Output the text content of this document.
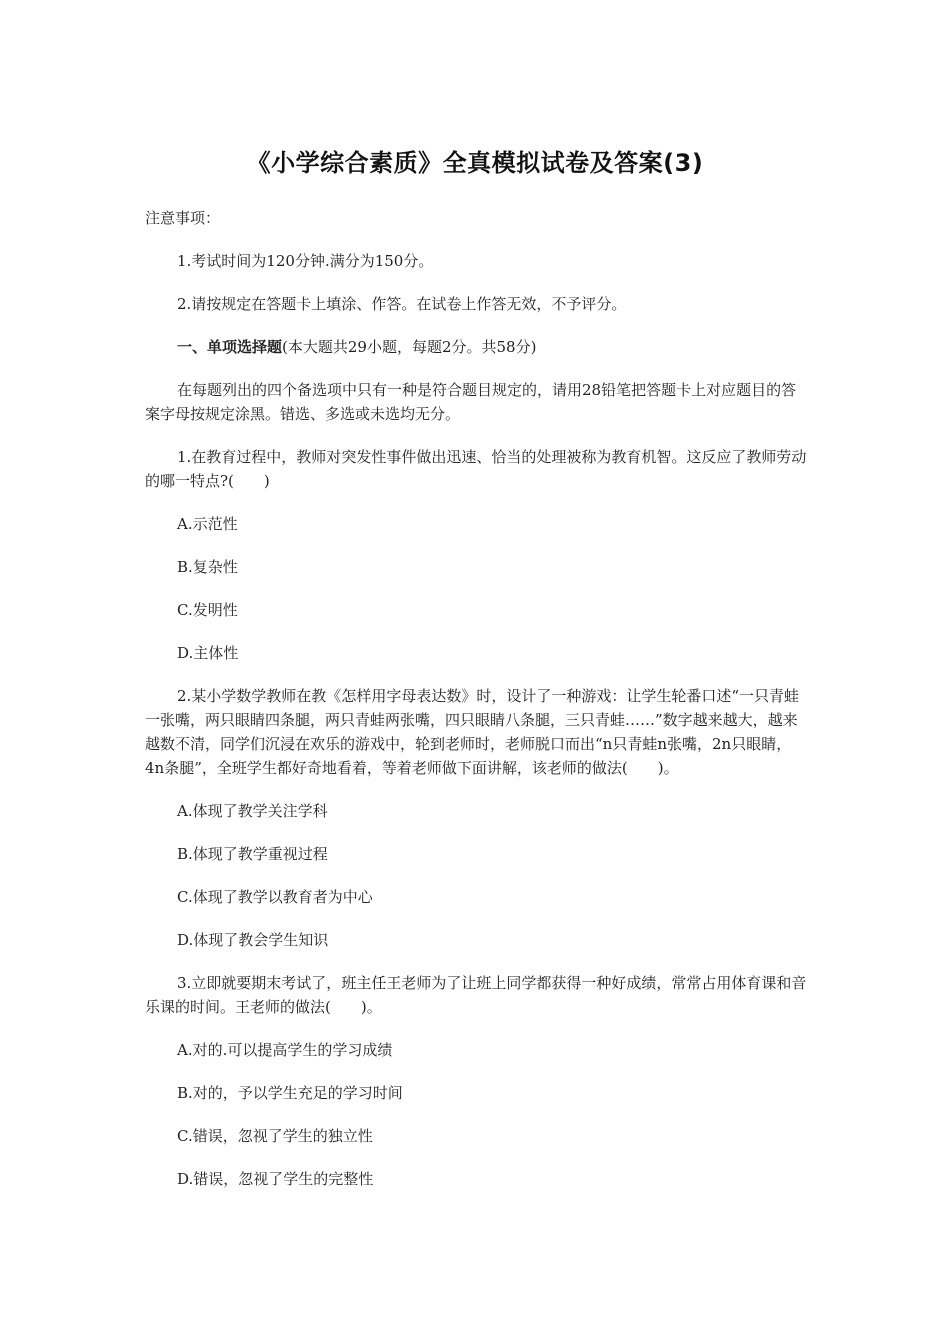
《小学综合素质》全真模拟试卷及答案(3)

注意事项：

1.考试时间为120分钟.满分为150分。

2.请按规定在答题卡上填涂、作答。在试卷上作答无效，不予评分。

一、单项选择题(本大题共29小题，每题2分。共58分)

在每题列出的四个备选项中只有一种是符合题目规定的，请用28铅笔把答题卡上对应题目的答案字母按规定涂黑。错选、多选或未选均无分。

1.在教育过程中，教师对突发性事件做出迅速、恰当的处理被称为教育机智。这反应了教师劳动的哪一特点?(　　)

A.示范性

B.复杂性

C.发明性

D.主体性

2.某小学数学教师在教《怎样用字母表达数》时，设计了一种游戏：让学生轮番口述“一只青蛙一张嘴，两只眼睛四条腿，两只青蛙两张嘴，四只眼睛八条腿，三只青蛙……”数字越来越大，越来越数不清，同学们沉浸在欢乐的游戏中，轮到老师时，老师脱口而出“n只青蛙n张嘴，2n只眼睛，4n条腿”，全班学生都好奇地看着，等着老师做下面讲解，该老师的做法(　　)。

A.体现了教学关注学科

B.体现了教学重视过程

C.体现了教学以教育者为中心

D.体现了教会学生知识

3.立即就要期末考试了，班主任王老师为了让班上同学都获得一种好成绩，常常占用体育课和音乐课的时间。王老师的做法(　　)。

A.对的.可以提高学生的学习成绩

B.对的，予以学生充足的学习时间

C.错误，忽视了学生的独立性

D.错误，忽视了学生的完整性
